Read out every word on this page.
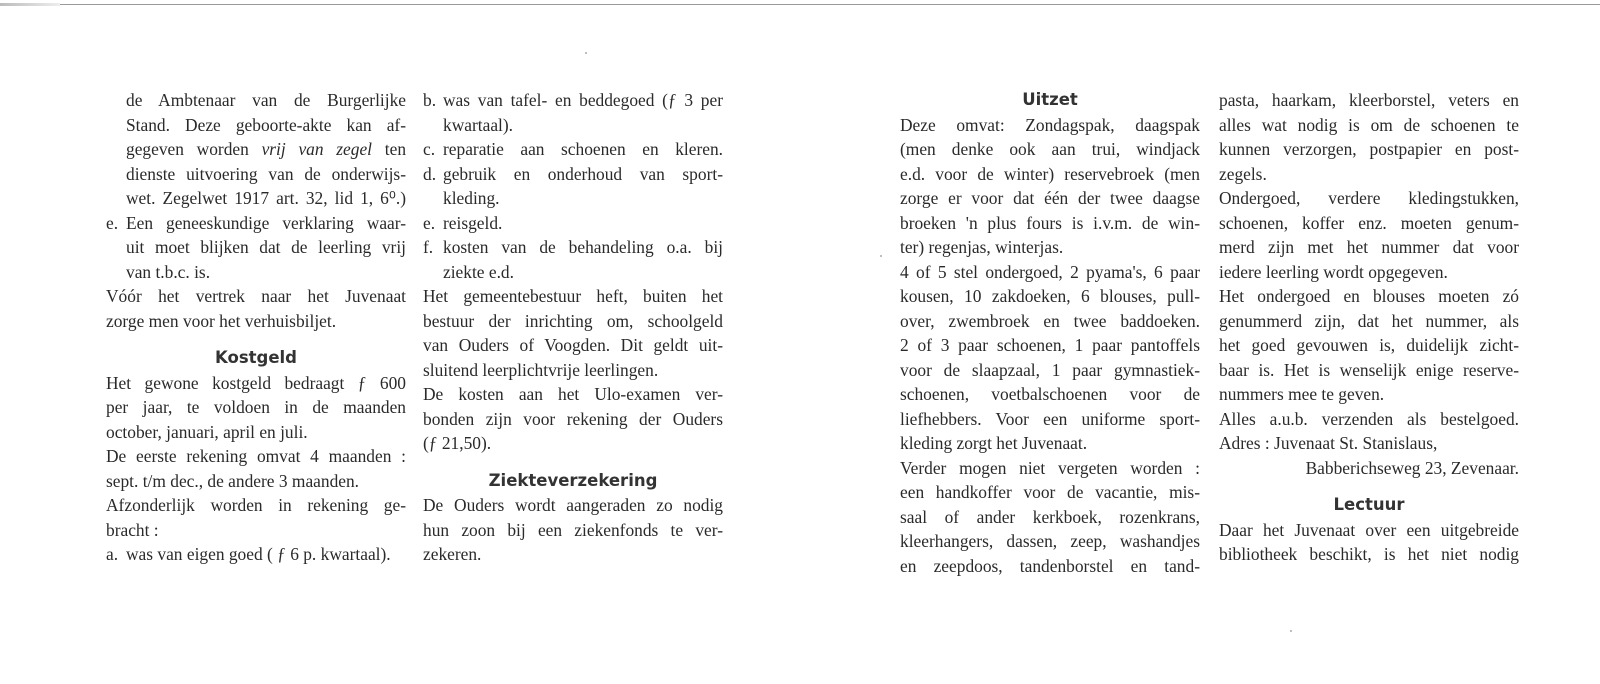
de Ambtenaar van de Burgerlijke
Stand. Deze geboorte-akte kan af-
gegeven worden vrij van zegel ten
dienste uitvoering van de onderwijs-
wet. Zegelwet 1917 art. 32, lid 1, 6⁰.)
e. Een geneeskundige verklaring waar-
uit moet blijken dat de leerling vrij
van t.b.c. is.
Vóór het vertrek naar het Juvenaat
zorge men voor het verhuisbiljet.
Kostgeld
Het gewone kostgeld bedraagt ƒ 600
per jaar, te voldoen in de maanden
october, januari, april en juli.
De eerste rekening omvat 4 maanden :
sept. t/m dec., de andere 3 maanden.
Afzonderlijk worden in rekening ge-
bracht :
a. was van eigen goed ( ƒ 6 p. kwartaal).
b. was van tafel- en beddegoed (ƒ 3 per
kwartaal).
c. reparatie aan schoenen en kleren.
d. gebruik en onderhoud van sport-
kleding.
e. reisgeld.
f. kosten van de behandeling o.a. bij
ziekte e.d.
Het gemeentebestuur heft, buiten het
bestuur der inrichting om, schoolgeld
van Ouders of Voogden. Dit geldt uit-
sluitend leerplichtvrije leerlingen.
De kosten aan het Ulo-examen ver-
bonden zijn voor rekening der Ouders
(ƒ 21,50).
Ziekteverzekering
De Ouders wordt aangeraden zo nodig
hun zoon bij een ziekenfonds te ver-
zekeren.
Uitzet
Deze omvat: Zondagspak, daagspak
(men denke ook aan trui, windjack
e.d. voor de winter) reservebroek (men
zorge er voor dat één der twee daagse
broeken 'n plus fours is i.v.m. de win-
ter) regenjas, winterjas.
4 of 5 stel ondergoed, 2 pyama's, 6 paar
kousen, 10 zakdoeken, 6 blouses, pull-
over, zwembroek en twee baddoeken.
2 of 3 paar schoenen, 1 paar pantoffels
voor de slaapzaal, 1 paar gymnastiek-
schoenen, voetbalschoenen voor de
liefhebbers. Voor een uniforme sport-
kleding zorgt het Juvenaat.
Verder mogen niet vergeten worden :
een handkoffer voor de vacantie, mis-
saal of ander kerkboek, rozenkrans,
kleerhangers, dassen, zeep, washandjes
en zeepdoos, tandenborstel en tand-
pasta, haarkam, kleerborstel, veters en
alles wat nodig is om de schoenen te
kunnen verzorgen, postpapier en post-
zegels.
Ondergoed, verdere kledingstukken,
schoenen, koffer enz. moeten genum-
merd zijn met het nummer dat voor
iedere leerling wordt opgegeven.
Het ondergoed en blouses moeten zó
genummerd zijn, dat het nummer, als
het goed gevouwen is, duidelijk zicht-
baar is. Het is wenselijk enige reserve-
nummers mee te geven.
Alles a.u.b. verzenden als bestelgoed.
Adres : Juvenaat St. Stanislaus,
Babberichseweg 23, Zevenaar.
Lectuur
Daar het Juvenaat over een uitgebreide
bibliotheek beschikt, is het niet nodig
